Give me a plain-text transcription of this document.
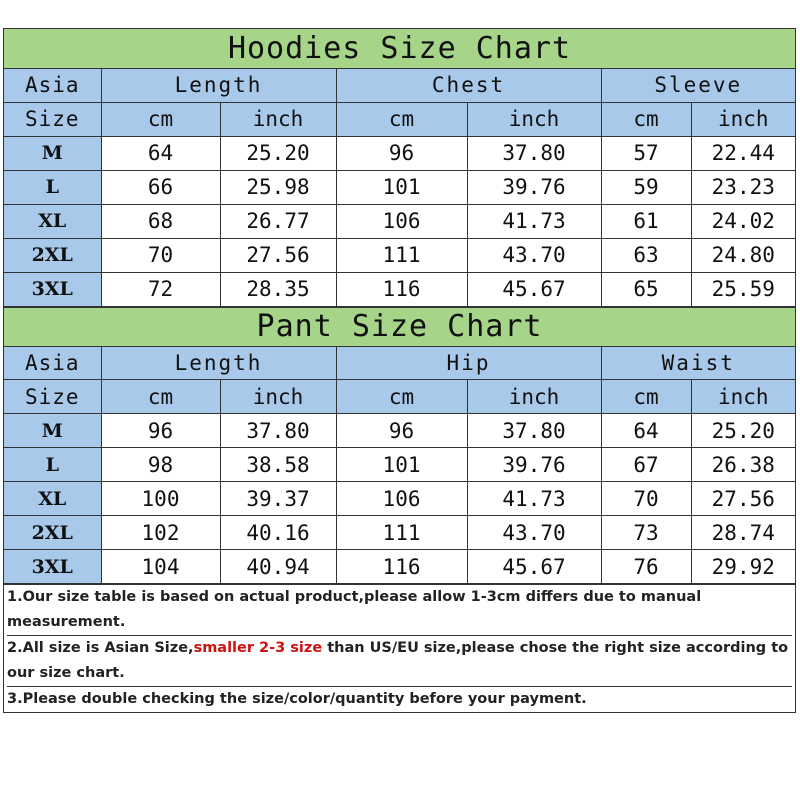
Hoodies Size Chart
Asia	Length		Chest		Sleeve	
Size	cm	inch	cm	inch	cm	inch
M	64	25.20	96	37.80	57	22.44
L	66	25.98	101	39.76	59	23.23
XL	68	26.77	106	41.73	61	24.02
2XL	70	27.56	111	43.70	63	24.80
3XL	72	28.35	116	45.67	65	25.59
Pant Size Chart
Asia	Length		Hip		Waist	
Size	cm	inch	cm	inch	cm	inch
M	96	37.80	96	37.80	64	25.20
L	98	38.58	101	39.76	67	26.38
XL	100	39.37	106	41.73	70	27.56
2XL	102	40.16	111	43.70	73	28.74
3XL	104	40.94	116	45.67	76	29.92
1.Our size table is based on actual product,please allow 1-3cm differs due to manual measurement.
2.All size is Asian Size,smaller 2-3 size than US/EU size,please chose the right size according to our size chart.
3.Please double checking the size/color/quantity before your payment.
